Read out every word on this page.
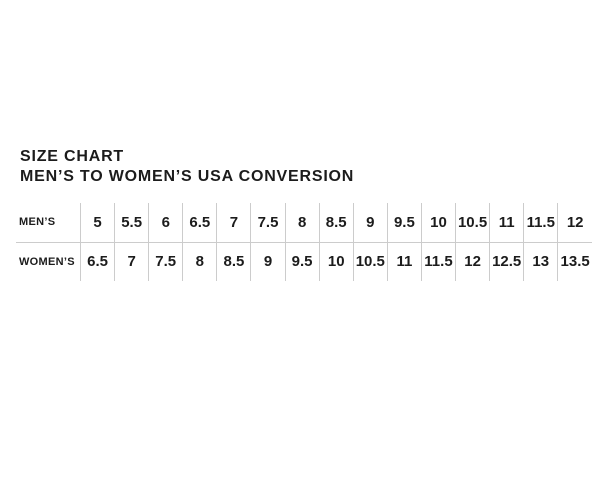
SIZE CHART
MEN’S TO WOMEN’S USA CONVERSION
MEN’S	5	5.5	6	6.5	7	7.5	8	8.5	9	9.5	10	10.5	11	11.5	12
WOMEN’S	6.5	7	7.5	8	8.5	9	9.5	10	10.5	11	11.5	12	12.5	13	13.5
